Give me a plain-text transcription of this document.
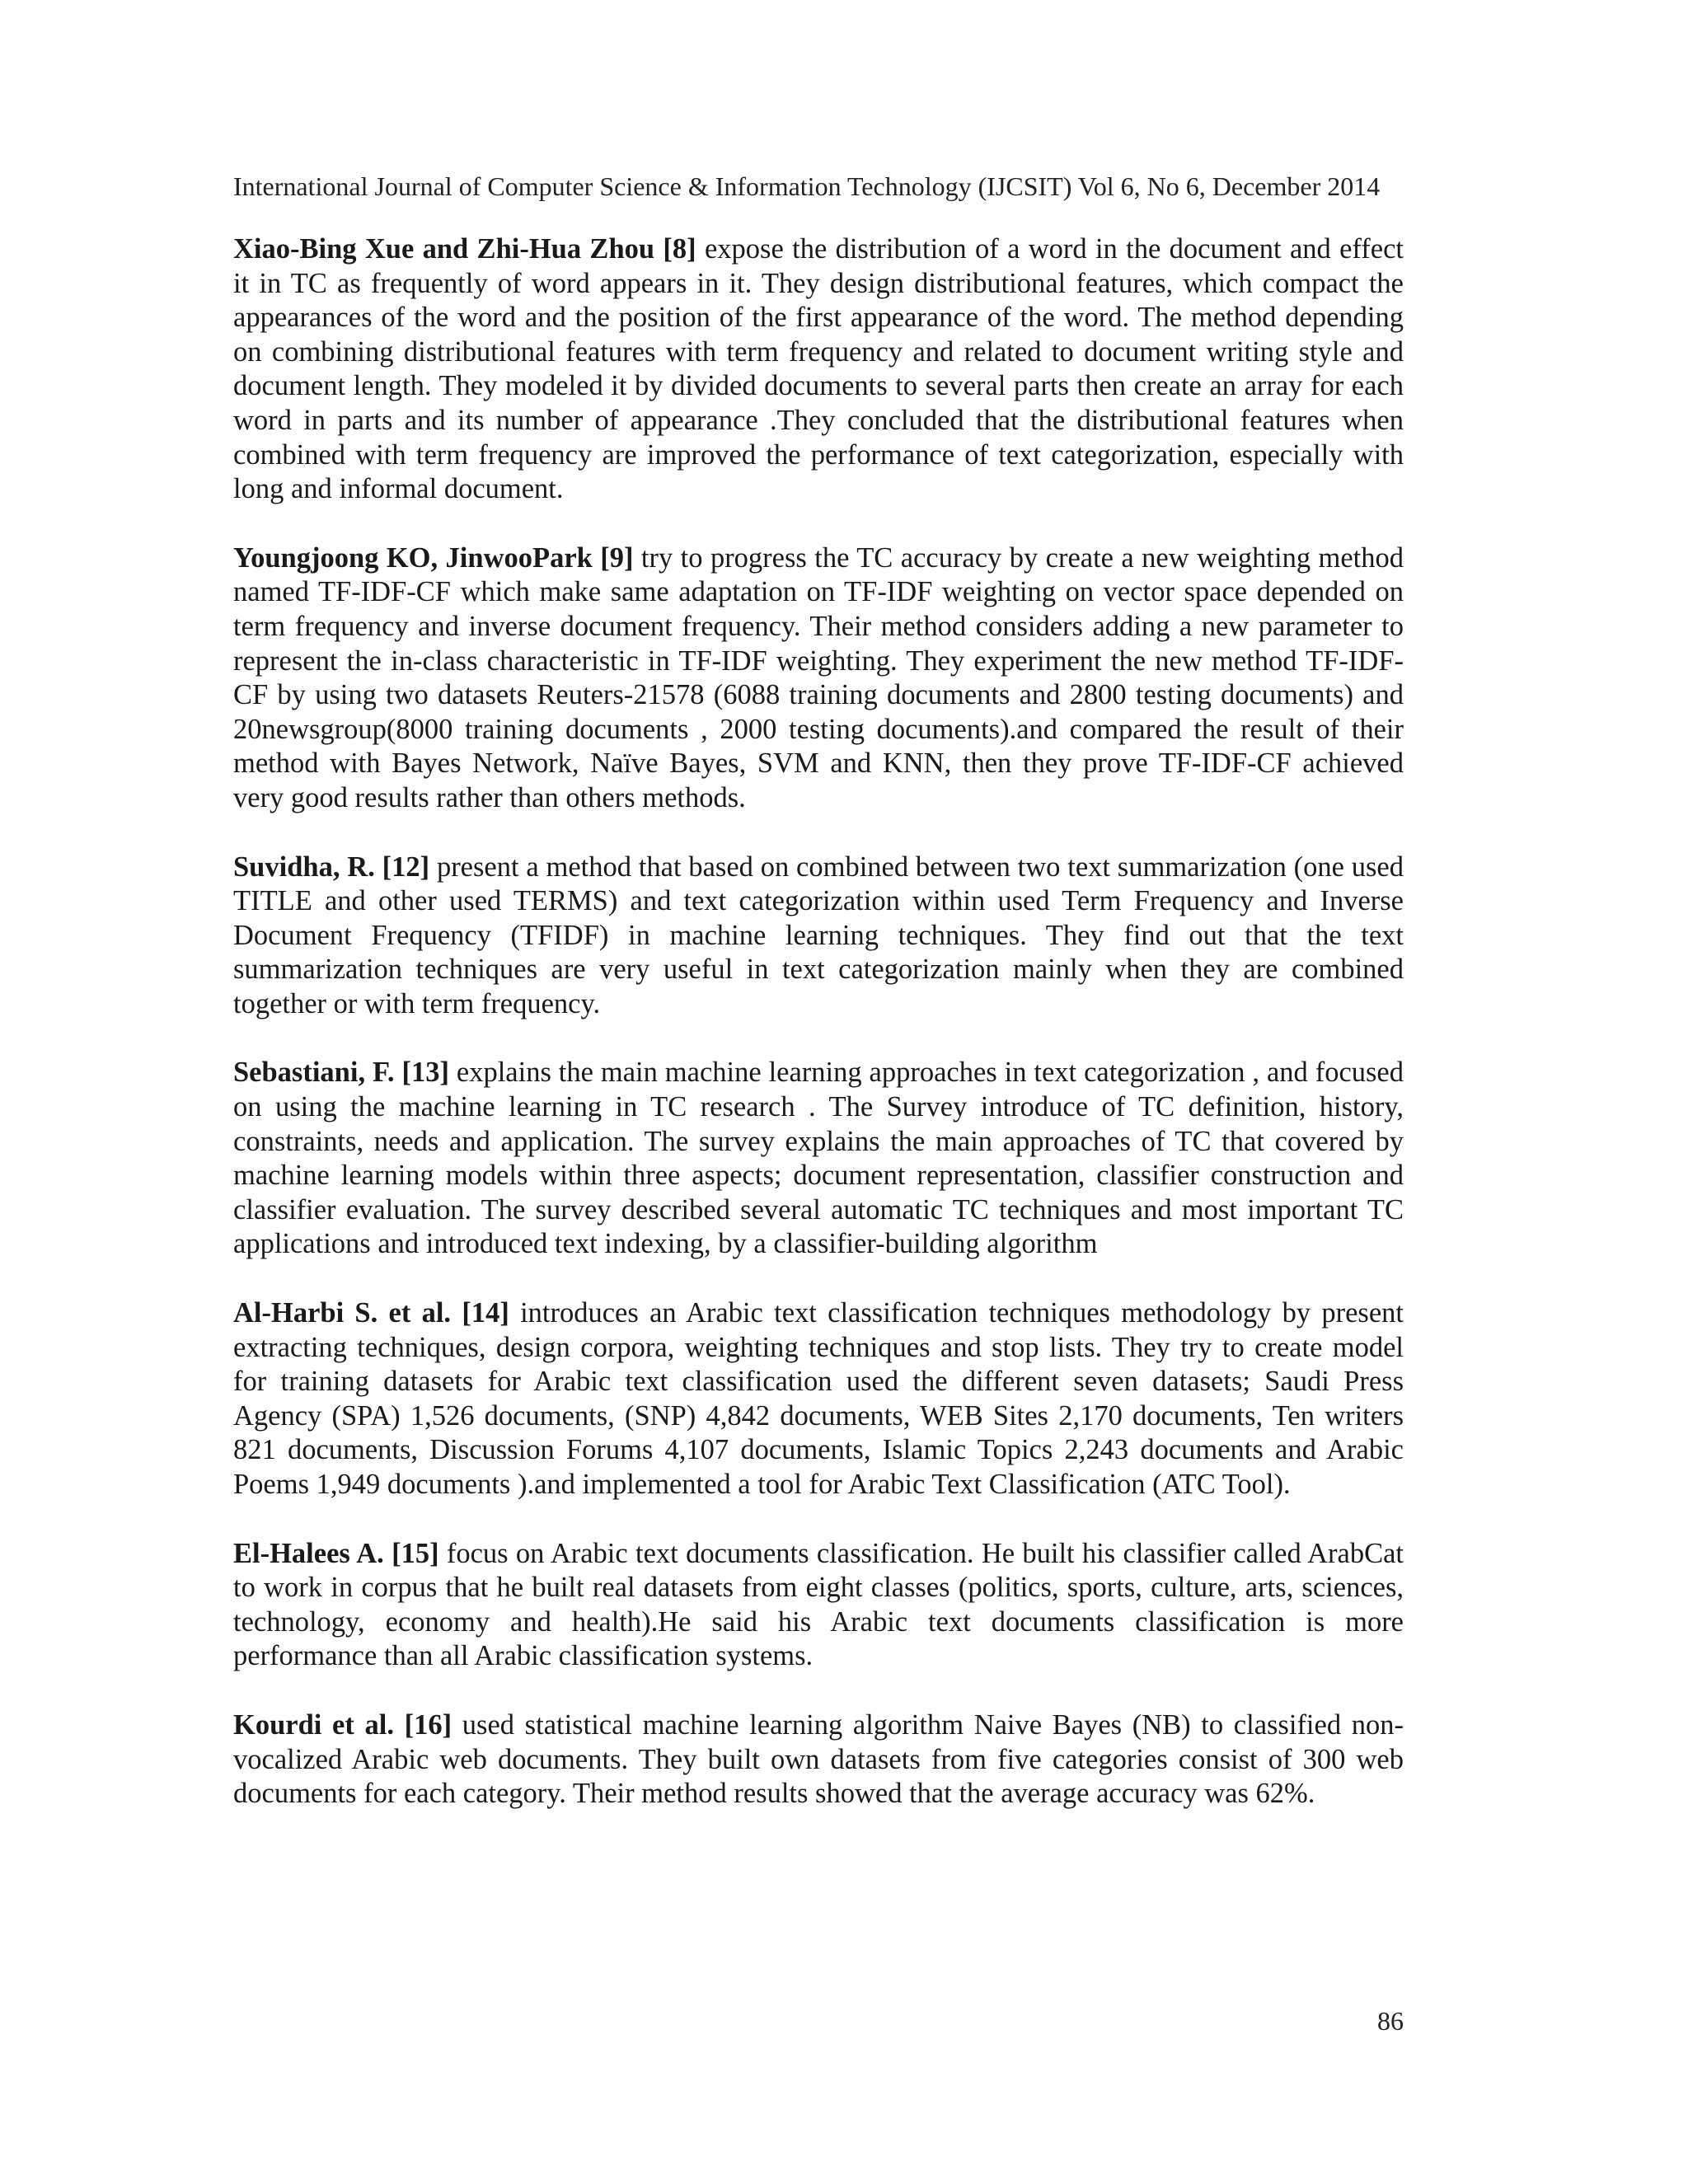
International Journal of Computer Science & Information Technology (IJCSIT) Vol 6, No 6, December 2014

Xiao-Bing Xue and Zhi-Hua Zhou [8] expose the distribution of a word in the document and effect it in TC as frequently of word appears in it. They design distributional features, which compact the appearances of the word and the position of the first appearance of the word. The method depending on combining distributional features with term frequency and related to document writing style and document length. They modeled it by divided documents to several parts then create an array for each word in parts and its number of appearance .They concluded that the distributional features when combined with term frequency are improved the performance of text categorization, especially with long and informal document.

Youngjoong KO, JinwooPark [9] try to progress the TC accuracy by create a new weighting method named TF-IDF-CF which make same adaptation on TF-IDF weighting on vector space depended on term frequency and inverse document frequency. Their method considers adding a new parameter to represent the in-class characteristic in TF-IDF weighting. They experiment the new method TF-IDF-CF by using two datasets Reuters-21578 (6088 training documents and 2800 testing documents) and 20newsgroup(8000 training documents , 2000 testing documents).and compared the result of their method with Bayes Network, Naïve Bayes, SVM and KNN, then they prove TF-IDF-CF achieved very good results rather than others methods.

Suvidha, R. [12] present a method that based on combined between two text summarization (one used TITLE and other used TERMS) and text categorization within used Term Frequency and Inverse Document Frequency (TFIDF) in machine learning techniques. They find out that the text summarization techniques are very useful in text categorization mainly when they are combined together or with term frequency.

Sebastiani, F. [13] explains the main machine learning approaches in text categorization , and focused on using the machine learning in TC research . The Survey introduce of TC definition, history, constraints, needs and application. The survey explains the main approaches of TC that covered by machine learning models within three aspects; document representation, classifier construction and classifier evaluation. The survey described several automatic TC techniques and most important TC applications and introduced text indexing, by a classifier-building algorithm

Al-Harbi S. et al. [14] introduces an Arabic text classification techniques methodology by present extracting techniques, design corpora, weighting techniques and stop lists. They try to create model for training datasets for Arabic text classification used the different seven datasets; Saudi Press Agency (SPA) 1,526 documents, (SNP) 4,842 documents, WEB Sites 2,170 documents, Ten writers 821 documents, Discussion Forums 4,107 documents, Islamic Topics 2,243 documents and Arabic Poems 1,949 documents ).and implemented a tool for Arabic Text Classification (ATC Tool).

El-Halees A. [15] focus on Arabic text documents classification. He built his classifier called ArabCat to work in corpus that he built real datasets from eight classes (politics, sports, culture, arts, sciences, technology, economy and health).He said his Arabic text documents classification is more performance than all Arabic classification systems.

Kourdi et al. [16] used statistical machine learning algorithm Naive Bayes (NB) to classified non-vocalized Arabic web documents. They built own datasets from five categories consist of 300 web documents for each category. Their method results showed that the average accuracy was 62%.

86
